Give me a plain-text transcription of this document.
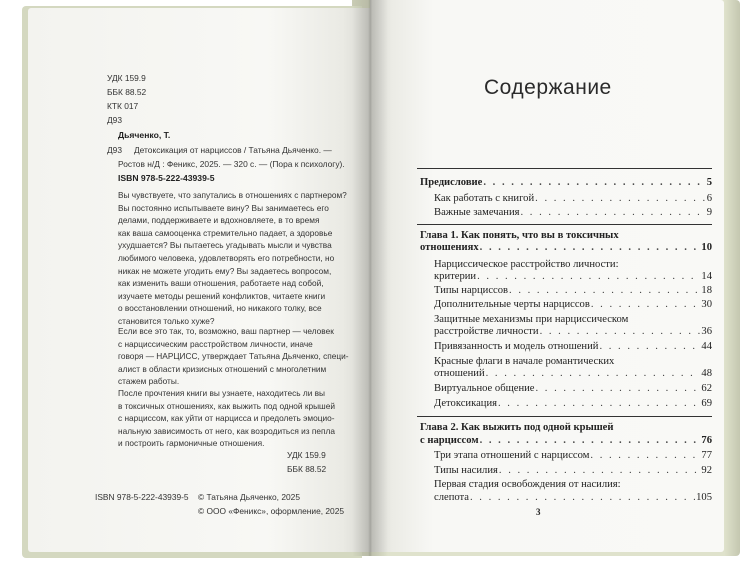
УДК 159.9
ББК 88.52
КТК 017
Д93
Дьяченко, Т.
Д93 Детоксикация от нарциссов / Татьяна Дьяченко. —
Ростов н/Д : Феникс, 2025. — 320 с. — (Пора к психологу).
ISBN 978-5-222-43939-5
Вы чувствуете, что запутались в отношениях с партнером?
Вы постоянно испытываете вину? Вы занимаетесь его
делами, поддерживаете и вдохновляете, в то время
как ваша самооценка стремительно падает, а здоровье
ухудшается? Вы пытаетесь угадывать мысли и чувства
любимого человека, удовлетворять его потребности, но
никак не можете угодить ему? Вы задаетесь вопросом,
как изменить ваши отношения, работаете над собой,
изучаете методы решений конфликтов, читаете книги
о восстановлении отношений, но никакого толку, все
становится только хуже?
Если все это так, то, возможно, ваш партнер — человек
с нарциссическим расстройством личности, иначе
говоря — НАРЦИСС, утверждает Татьяна Дьяченко, специ-
алист в области кризисных отношений с многолетним
стажем работы.
После прочтения книги вы узнаете, находитесь ли вы
в токсичных отношениях, как выжить под одной крышей
с нарциссом, как уйти от нарцисса и предолеть эмоцио-
нальную зависимость от него, как возродиться из пепла
и построить гармоничные отношения.
УДК 159.9
ББК 88.52
ISBN 978-5-222-43939-5 © Татьяна Дьяченко, 2025
© ООО «Феникс», оформление, 2025
Содержание
Предисловие . . .	5
Как работать с книгой . . .	6
Важные замечания . . .	9
Глава 1. Как понять, что вы в токсичных
отношениях . . .	10
Нарциссическое расстройство личности:
критерии . . .	14
Типы нарциссов . . .	18
Дополнительные черты нарциссов . . .	30
Защитные механизмы при нарциссическом
расстройстве личности . . .	36
Привязанность и модель отношений . . .	44
Красные флаги в начале романтических
отношений . . .	48
Виртуальное общение . . .	62
Детоксикация . . .	69
Глава 2. Как выжить под одной крышей
с нарциссом . . .	76
Три этапа отношений с нарциссом . . .	77
Типы насилия . . .	92
Первая стадия освобождения от насилия:
слепота . . .	105
3
